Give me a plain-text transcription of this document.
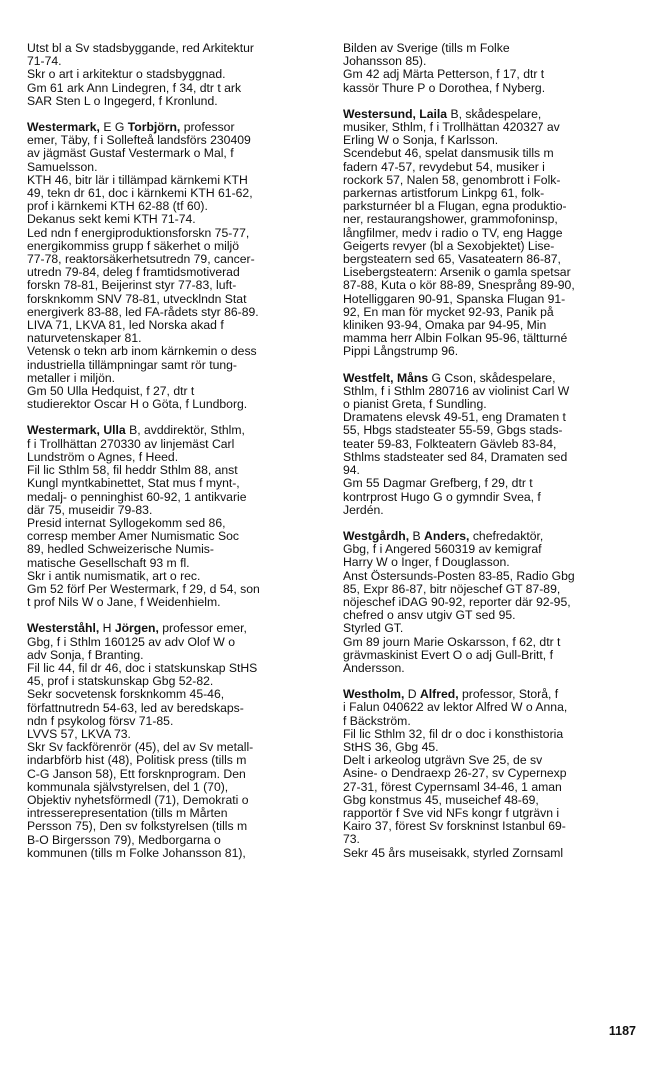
Utst bl a Sv stadsbyggande, red Arkitektur
71-74.
Skr o art i arkitektur o stadsbyggnad.
Gm 61 ark Ann Lindegren, f 34, dtr t ark
SAR Sten L o Ingegerd, f Kronlund.
Westermark, E G Torbjörn, professor
emer, Täby, f i Sollefteå landsförs 230409
av jägmäst Gustaf Vestermark o Mal, f
Samuelsson.
KTH 46, bitr lär i tillämpad kärnkemi KTH
49, tekn dr 61, doc i kärnkemi KTH 61-62,
prof i kärnkemi KTH 62-88 (tf 60).
Dekanus sekt kemi KTH 71-74.
Led ndn f energiproduktionsforskn 75-77,
energikommiss grupp f säkerhet o miljö
77-78, reaktorsäkerhetsutredn 79, cancer-
utredn 79-84, deleg f framtidsmotiverad
forskn 78-81, Beijerinst styr 77-83, luft-
forsknkomm SNV 78-81, utvecklndn Stat
energiverk 83-88, led FA-rådets styr 86-89.
LIVA 71, LKVA 81, led Norska akad f
naturvetenskaper 81.
Vetensk o tekn arb inom kärnkemin o dess
industriella tillämpningar samt rör tung-
metaller i miljön.
Gm 50 Ulla Hedquist, f 27, dtr t
studierektor Oscar H o Göta, f Lundborg.
Westermark, Ulla B, avddirektör, Sthlm,
f i Trollhättan 270330 av linjemäst Carl
Lundström o Agnes, f Heed.
Fil lic Sthlm 58, fil heddr Sthlm 88, anst
Kungl myntkabinettet, Stat mus f mynt-,
medalj- o penninghist 60-92, 1 antikvarie
där 75, museidir 79-83.
Presid internat Syllogekomm sed 86,
corresp member Amer Numismatic Soc
89, hedled Schweizerische Numis-
matische Gesellschaft 93 m fl.
Skr i antik numismatik, art o rec.
Gm 52 förf Per Westermark, f 29, d 54, son
t prof Nils W o Jane, f Weidenhielm.
Westerståhl, H Jörgen, professor emer,
Gbg, f i Sthlm 160125 av adv Olof W o
adv Sonja, f Branting.
Fil lic 44, fil dr 46, doc i statskunskap StHS
45, prof i statskunskap Gbg 52-82.
Sekr socvetensk forsknkomm 45-46,
författnutredn 54-63, led av beredskaps-
ndn f psykolog försv 71-85.
LVVS 57, LKVA 73.
Skr Sv fackförenrör (45), del av Sv metall-
indarbförb hist (48), Politisk press (tills m
C-G Janson 58), Ett forsknprogram. Den
kommunala självstyrelsen, del 1 (70),
Objektiv nyhetsförmedl (71), Demokrati o
intresserepresentation (tills m Mårten
Persson 75), Den sv folkstyrelsen (tills m
B-O Birgersson 79), Medborgarna o
kommunen (tills m Folke Johansson 81),
Bilden av Sverige (tills m Folke
Johansson 85).
Gm 42 adj Märta Petterson, f 17, dtr t
kassör Thure P o Dorothea, f Nyberg.
Westersund, Laila B, skådespelare,
musiker, Sthlm, f i Trollhättan 420327 av
Erling W o Sonja, f Karlsson.
Scendebut 46, spelat dansmusik tills m
fadern 47-57, revydebut 54, musiker i
rockork 57, Nalen 58, genombrott i Folk-
parkernas artistforum Linkpg 61, folk-
parksturnéer bl a Flugan, egna produktio-
ner, restaurangshower, grammofoninsp,
långfilmer, medv i radio o TV, eng Hagge
Geigerts revyer (bl a Sexobjektet) Lise-
bergsteatern sed 65, Vasateatern 86-87,
Lisebergsteatern: Arsenik o gamla spetsar
87-88, Kuta o kör 88-89, Snesprång 89-90,
Hotelliggaren 90-91, Spanska Flugan 91-
92, En man för mycket 92-93, Panik på
kliniken 93-94, Omaka par 94-95, Min
mamma herr Albin Folkan 95-96, tältturné
Pippi Långstrump 96.
Westfelt, Måns G Cson, skådespelare,
Sthlm, f i Sthlm 280716 av violinist Carl W
o pianist Greta, f Sundling.
Dramatens elevsk 49-51, eng Dramaten t
55, Hbgs stadsteater 55-59, Gbgs stads-
teater 59-83, Folkteatern Gävleb 83-84,
Sthlms stadsteater sed 84, Dramaten sed
94.
Gm 55 Dagmar Grefberg, f 29, dtr t
kontrprost Hugo G o gymndir Svea, f
Jerdén.
Westgårdh, B Anders, chefredaktör,
Gbg, f i Angered 560319 av kemigraf
Harry W o Inger, f Douglasson.
Anst Östersunds-Posten 83-85, Radio Gbg
85, Expr 86-87, bitr nöjeschef GT 87-89,
nöjeschef iDAG 90-92, reporter där 92-95,
chefred o ansv utgiv GT sed 95.
Styrled GT.
Gm 89 journ Marie Oskarsson, f 62, dtr t
grävmaskinist Evert O o adj Gull-Britt, f
Andersson.
Westholm, D Alfred, professor, Storå, f
i Falun 040622 av lektor Alfred W o Anna,
f Bäckström.
Fil lic Sthlm 32, fil dr o doc i konsthistoria
StHS 36, Gbg 45.
Delt i arkeolog utgrävn Sve 25, de sv
Asine- o Dendraexp 26-27, sv Cypernexp
27-31, förest Cypernsaml 34-46, 1 aman
Gbg konstmus 45, museichef 48-69,
rapportör f Sve vid NFs kongr f utgrävn i
Kairo 37, förest Sv forskninst Istanbul 69-
73.
Sekr 45 års museisakk, styrled Zornsaml
1187
